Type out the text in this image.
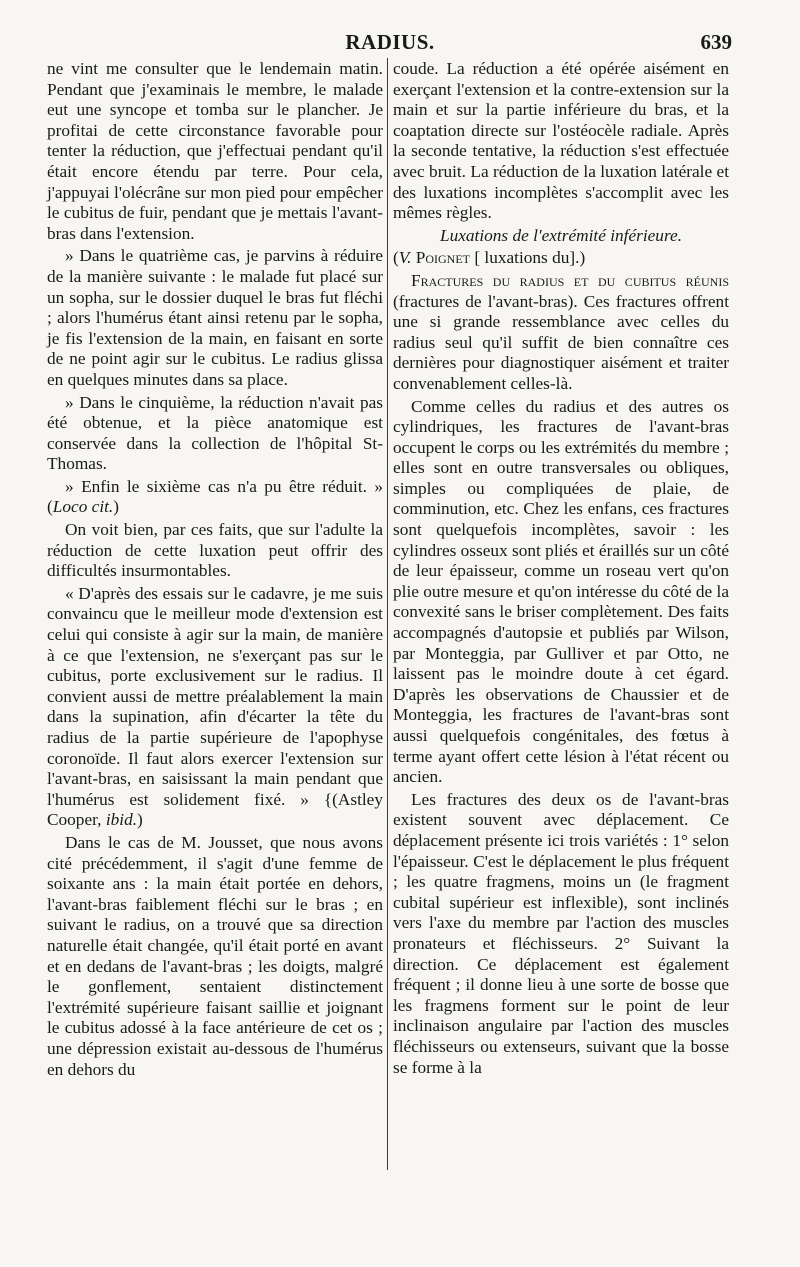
RADIUS.	639

ne vint me consulter que le lendemain matin. Pendant que j'examinais le membre, le malade eut une syncope et tomba sur le plancher. Je profitai de cette circonstance favorable pour tenter la réduction, que j'effectuai pendant qu'il était encore étendu par terre. Pour cela, j'appuyai l'olécrâne sur mon pied pour empêcher le cubitus de fuir, pendant que je mettais l'avant-bras dans l'extension.

» Dans le quatrième cas, je parvins à réduire de la manière suivante : le malade fut placé sur un sopha, sur le dossier duquel le bras fut fléchi ; alors l'humérus étant ainsi retenu par le sopha, je fis l'extension de la main, en faisant en sorte de ne point agir sur le cubitus. Le radius glissa en quelques minutes dans sa place.

» Dans le cinquième, la réduction n'avait pas été obtenue, et la pièce anatomique est conservée dans la collection de l'hôpital St-Thomas.

» Enfin le sixième cas n'a pu être réduit. » (Loco cit.)

On voit bien, par ces faits, que sur l'adulte la réduction de cette luxation peut offrir des difficultés insurmontables.

« D'après des essais sur le cadavre, je me suis convaincu que le meilleur mode d'extension est celui qui consiste à agir sur la main, de manière à ce que l'extension, ne s'exerçant pas sur le cubitus, porte exclusivement sur le radius. Il convient aussi de mettre préalablement la main dans la supination, afin d'écarter la tête du radius de la partie supérieure de l'apophyse coronoïde. Il faut alors exercer l'extension sur l'avant-bras, en saisissant la main pendant que l'humérus est solidement fixé. » {(Astley Cooper, ibid.)

Dans le cas de M. Jousset, que nous avons cité précédemment, il s'agit d'une femme de soixante ans : la main était portée en dehors, l'avant-bras faiblement fléchi sur le bras ; en suivant le radius, on a trouvé que sa direction naturelle était changée, qu'il était porté en avant et en dedans de l'avant-bras ; les doigts, malgré le gonflement, sentaient distinctement l'extrémité supérieure faisant saillie et joignant le cubitus adossé à la face antérieure de cet os ; une dépression existait au-dessous de l'humérus en dehors du

coude. La réduction a été opérée aisément en exerçant l'extension et la contre-extension sur la main et sur la partie inférieure du bras, et la coaptation directe sur l'ostéocèle radiale. Après la seconde tentative, la réduction s'est effectuée avec bruit. La réduction de la luxation latérale et des luxations incomplètes s'accomplit avec les mêmes règles.

Luxations de l'extrémité inférieure.

(V. Poignet [ luxations du].)

Fractures du radius et du cubitus réunis (fractures de l'avant-bras). Ces fractures offrent une si grande ressemblance avec celles du radius seul qu'il suffit de bien connaître ces dernières pour diagnostiquer aisément et traiter convenablement celles-là.

Comme celles du radius et des autres os cylindriques, les fractures de l'avant-bras occupent le corps ou les extrémités du membre ; elles sont en outre transversales ou obliques, simples ou compliquées de plaie, de comminution, etc. Chez les enfans, ces fractures sont quelquefois incomplètes, savoir : les cylindres osseux sont pliés et éraillés sur un côté de leur épaisseur, comme un roseau vert qu'on plie outre mesure et qu'on intéresse du côté de la convexité sans le briser complètement. Des faits accompagnés d'autopsie et publiés par Wilson, par Monteggia, par Gulliver et par Otto, ne laissent pas le moindre doute à cet égard. D'après les observations de Chaussier et de Monteggia, les fractures de l'avant-bras sont aussi quelquefois congénitales, des fœtus à terme ayant offert cette lésion à l'état récent ou ancien.

Les fractures des deux os de l'avant-bras existent souvent avec déplacement. Ce déplacement présente ici trois variétés : 1° selon l'épaisseur. C'est le déplacement le plus fréquent ; les quatre fragmens, moins un (le fragment cubital supérieur est inflexible), sont inclinés vers l'axe du membre par l'action des muscles pronateurs et fléchisseurs. 2° Suivant la direction. Ce déplacement est également fréquent ; il donne lieu à une sorte de bosse que les fragmens forment sur le point de leur inclinaison angulaire par l'action des muscles fléchisseurs ou extenseurs, suivant que la bosse se forme à la
